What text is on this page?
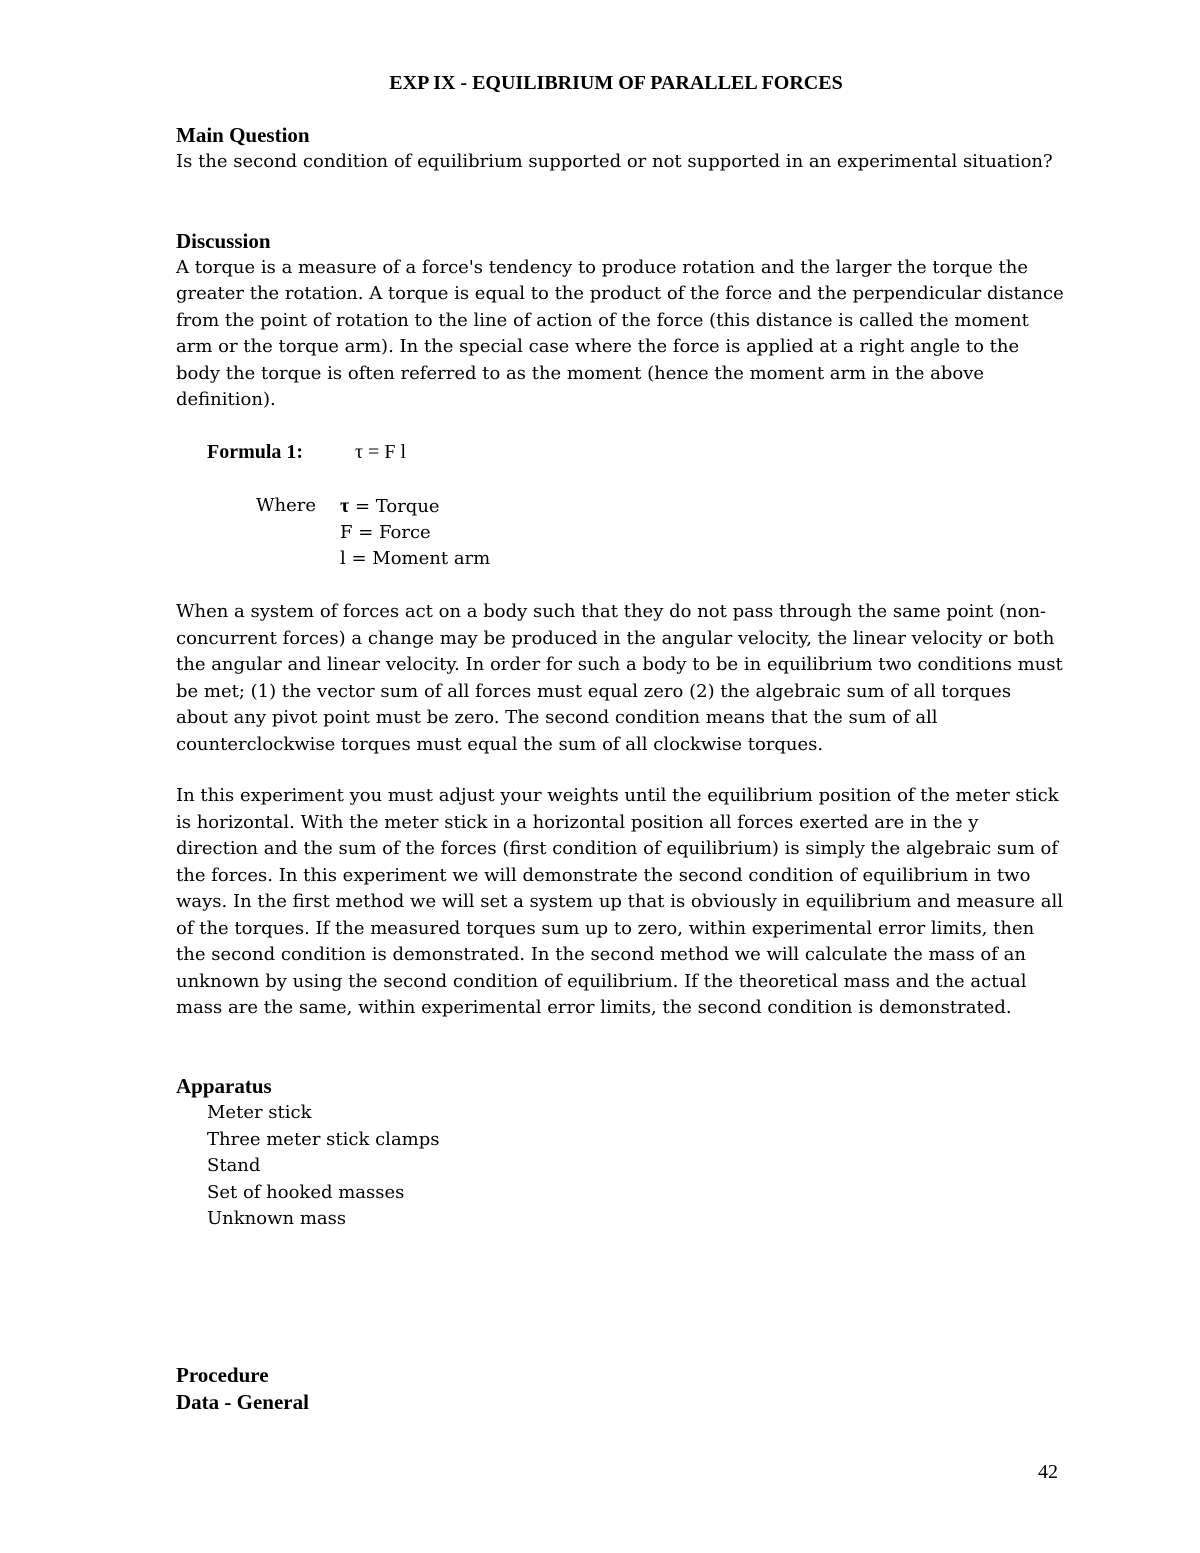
EXP IX - EQUILIBRIUM OF PARALLEL FORCES
Main Question

Is the second condition of equilibrium supported or not supported in an experimental situation?

Discussion

A torque is a measure of a force's tendency to produce rotation and the larger the torque the greater the rotation. A torque is equal to the product of the force and the perpendicular distance from the point of rotation to the line of action of the force (this distance is called the moment arm or the torque arm). In the special case where the force is applied at a right angle to the body the torque is often referred to as the moment (hence the moment arm in the above definition).

Formula 1:	τ = F l
Where τ = Torque
F = Force
l = Moment arm

When a system of forces act on a body such that they do not pass through the same point (non-concurrent forces) a change may be produced in the angular velocity, the linear velocity or both the angular and linear velocity. In order for such a body to be in equilibrium two conditions must be met; (1) the vector sum of all forces must equal zero (2) the algebraic sum of all torques about any pivot point must be zero. The second condition means that the sum of all counterclockwise torques must equal the sum of all clockwise torques.

In this experiment you must adjust your weights until the equilibrium position of the meter stick is horizontal. With the meter stick in a horizontal position all forces exerted are in the y direction and the sum of the forces (first condition of equilibrium) is simply the algebraic sum of the forces. In this experiment we will demonstrate the second condition of equilibrium in two ways. In the first method we will set a system up that is obviously in equilibrium and measure all of the torques. If the measured torques sum up to zero, within experimental error limits, then the second condition is demonstrated. In the second method we will calculate the mass of an unknown by using the second condition of equilibrium. If the theoretical mass and the actual mass are the same, within experimental error limits, the second condition is demonstrated.

Apparatus
Meter stick
Three meter stick clamps
Stand
Set of hooked masses
Unknown mass
Procedure
Data - General
42
